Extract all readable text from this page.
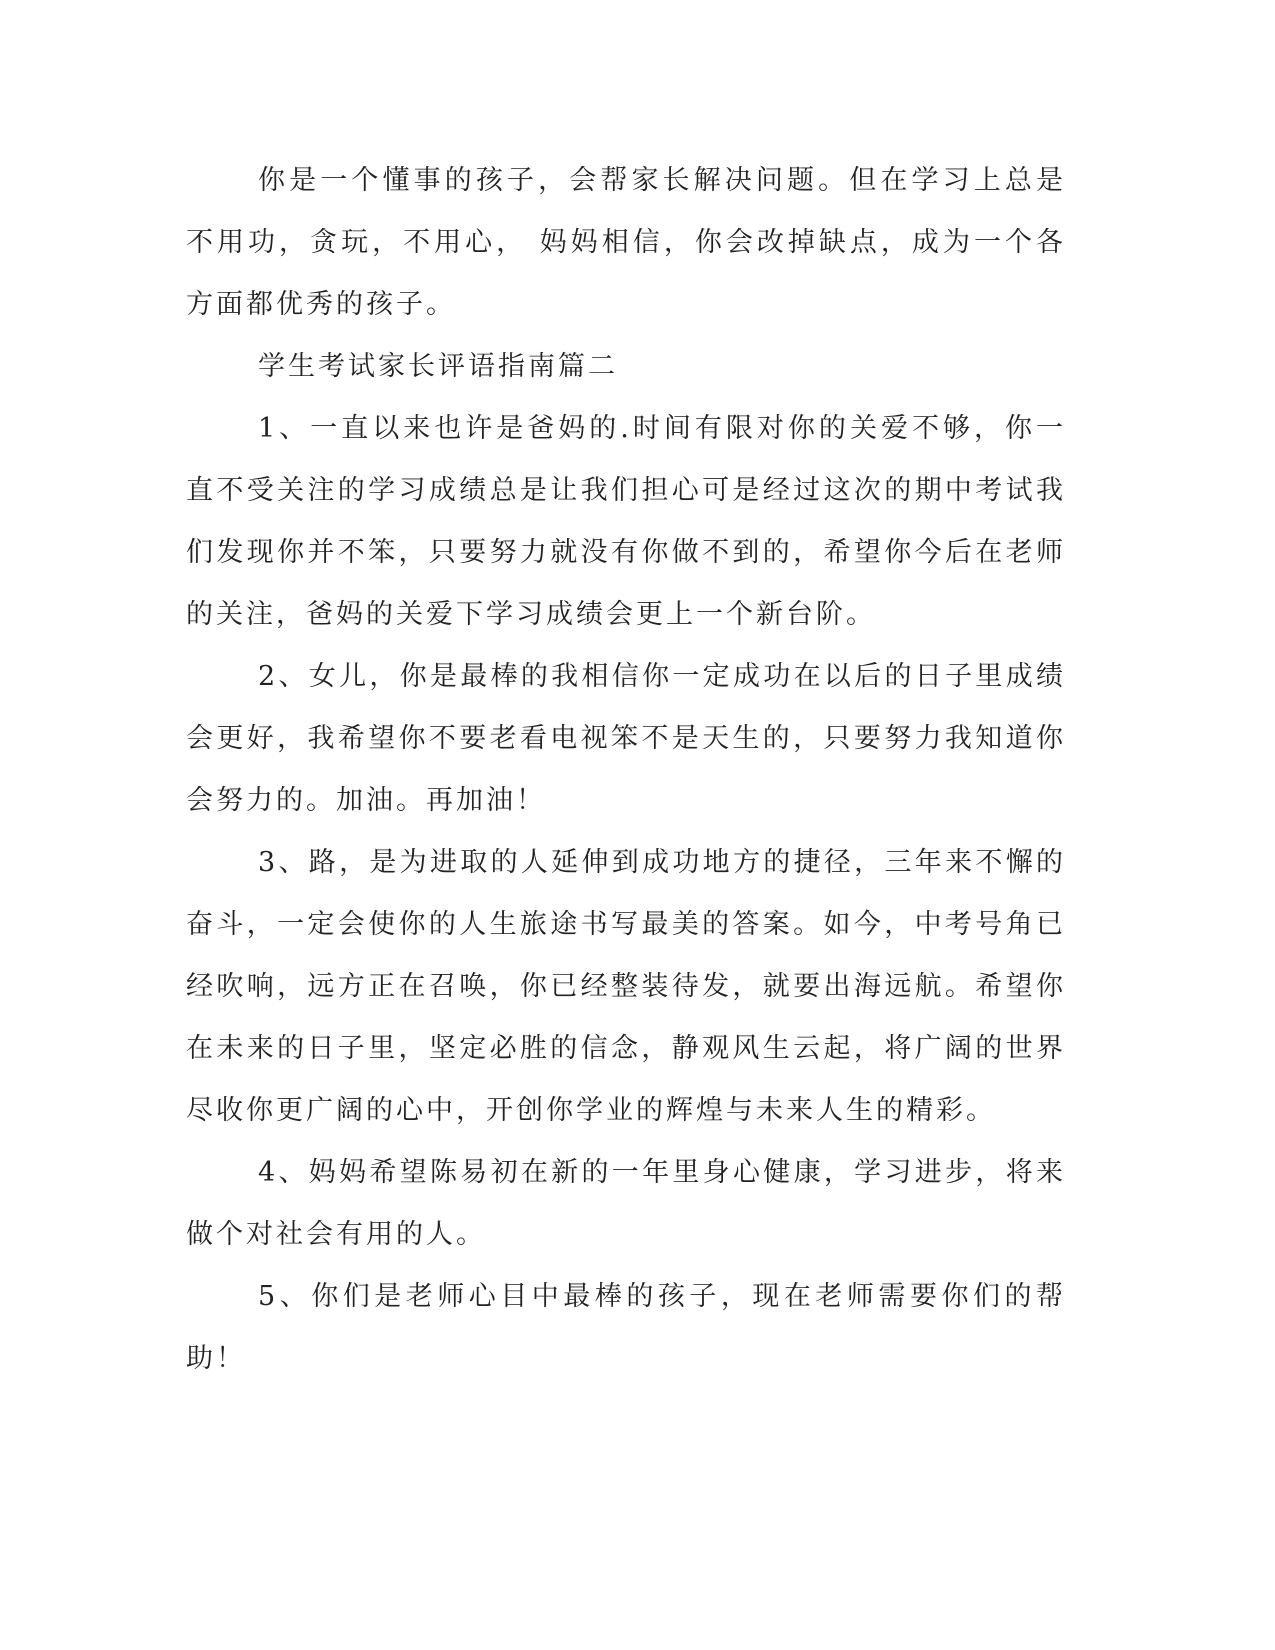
你是一个懂事的孩子，会帮家长解决问题。但在学习上总是不用功，贪玩，不用心， 妈妈相信，你会改掉缺点，成为一个各方面都优秀的孩子。

学生考试家长评语指南篇二

1、一直以来也许是爸妈的.时间有限对你的关爱不够，你一直不受关注的学习成绩总是让我们担心可是经过这次的期中考试我们发现你并不笨，只要努力就没有你做不到的，希望你今后在老师的关注，爸妈的关爱下学习成绩会更上一个新台阶。

2、女儿，你是最棒的我相信你一定成功在以后的日子里成绩会更好，我希望你不要老看电视笨不是天生的，只要努力我知道你会努力的。加油。再加油！

3、路，是为进取的人延伸到成功地方的捷径，三年来不懈的奋斗，一定会使你的人生旅途书写最美的答案。如今，中考号角已经吹响，远方正在召唤，你已经整装待发，就要出海远航。希望你在未来的日子里，坚定必胜的信念，静观风生云起，将广阔的世界尽收你更广阔的心中，开创你学业的辉煌与未来人生的精彩。

4、妈妈希望陈易初在新的一年里身心健康，学习进步，将来做个对社会有用的人。

5、你们是老师心目中最棒的孩子，现在老师需要你们的帮助！
